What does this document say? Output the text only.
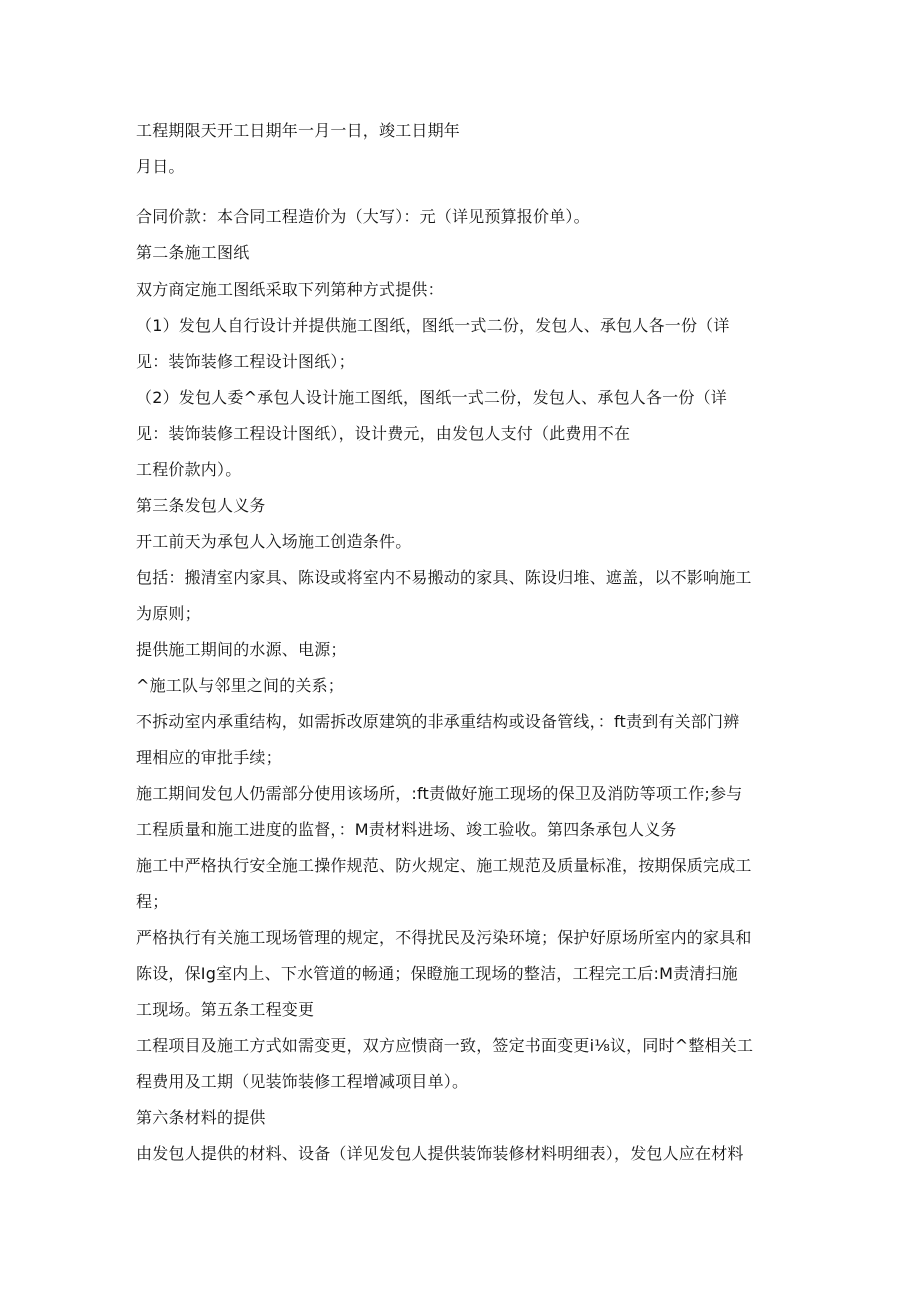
工程期限天开工日期年一月一日，竣工日期年
月日。
合同价款：本合同工程造价为（大写）：元（详见预算报价单）。
第二条施工图纸
双方商定施工图纸采取下列第种方式提供：
（1）发包人自行设计并提供施工图纸，图纸一式二份，发包人、承包人各一份（详
见：装饰装修工程设计图纸）；
（2）发包人委^承包人设计施工图纸，图纸一式二份，发包人、承包人各一份（详
见：装饰装修工程设计图纸），设计费元，由发包人支付（此费用不在
工程价款内）。
第三条发包人义务
开工前天为承包人入场施工创造条件。
包括：搬清室内家具、陈设或将室内不易搬动的家具、陈设归堆、遮盖，以不影响施工
为原则；
提供施工期间的水源、电源；
^施工队与邻里之间的关系；
不拆动室内承重结构，如需拆改原建筑的非承重结构或设备管线，：ft责到有关部门辨
理相应的审批手续；
施工期间发包人仍需部分使用该场所，:ft责做好施工现场的保卫及消防等项工作;参与
工程质量和施工进度的监督，：M责材料进场、竣工验收。第四条承包人义务
施工中严格执行安全施工操作规范、防火规定、施工规范及质量标准，按期保质完成工
程；
严格执行有关施工现场管理的规定，不得扰民及污染环境；保护好原场所室内的家具和
陈设，保Ig室内上、下水管道的畅通；保瞪施工现场的整洁，工程完工后:M责清扫施
工现场。第五条工程变更
工程项目及施工方式如需变更，双方应愦商一致，签定书面变更i⅛议，同时^整相关工
程费用及工期（见装饰装修工程增减项目单）。
第六条材料的提供
由发包人提供的材料、设备（详见发包人提供装饰装修材料明细表），发包人应在材料
